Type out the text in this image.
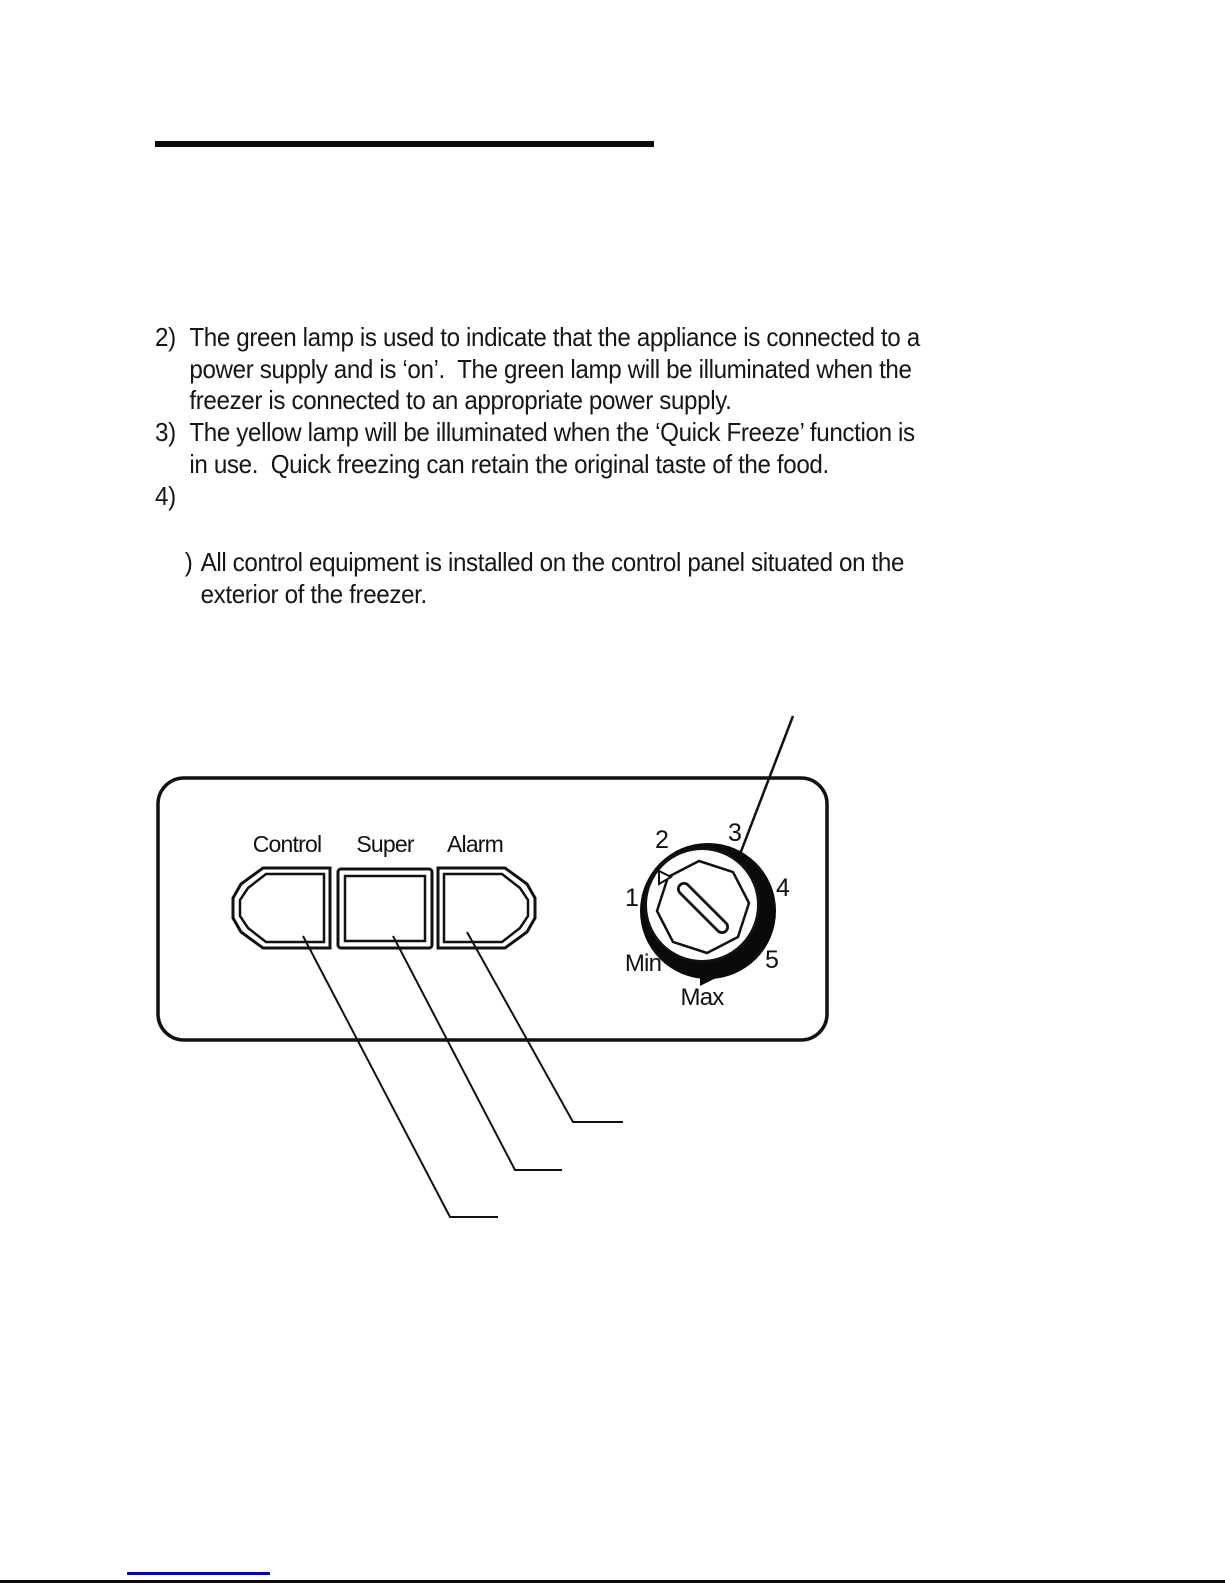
2) The green lamp is used to indicate that the appliance is connected to a
power supply and is ‘on’.  The green lamp will be illuminated when the
freezer is connected to an appropriate power supply.
3) The yellow lamp will be illuminated when the ‘Quick Freeze’ function is
in use.  Quick freezing can retain the original taste of the food.
4)

) All control equipment is installed on the control panel situated on the
exterior of the freezer.
Control Super Alarm
1
2 3
4
5
Min
Max
